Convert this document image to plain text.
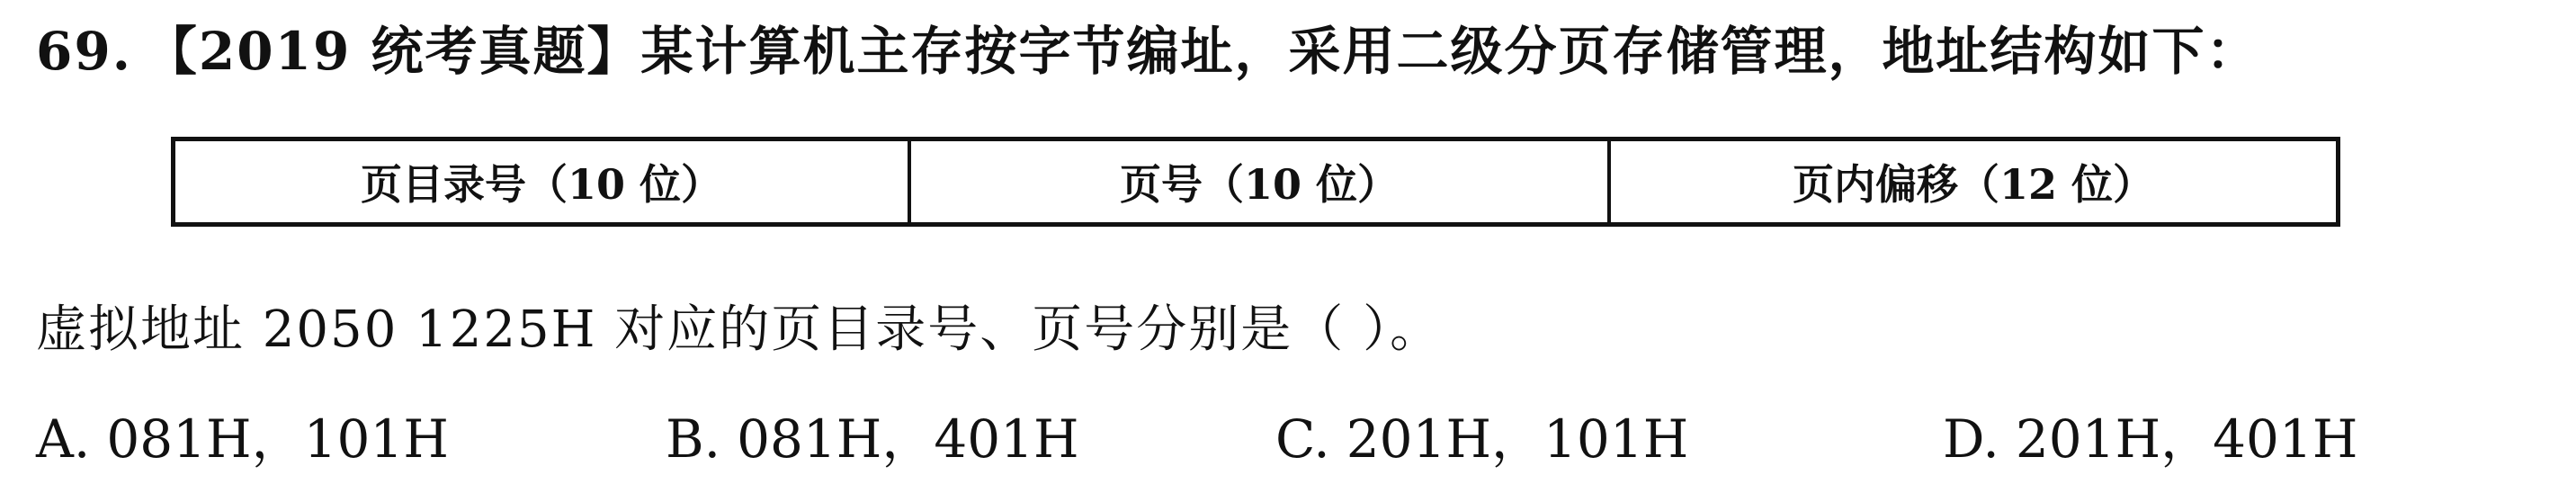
69. 【2019 统考真题】某计算机主存按字节编址，采用二级分页存储管理，地址结构如下：
页目录号（10 位）	页号（10 位）	页内偏移（12 位）
虚拟地址 2050 1225H 对应的页目录号、页号分别是（ ）。
A. 081H，101H	B. 081H，401H	C. 201H，101H	D. 201H，401H
